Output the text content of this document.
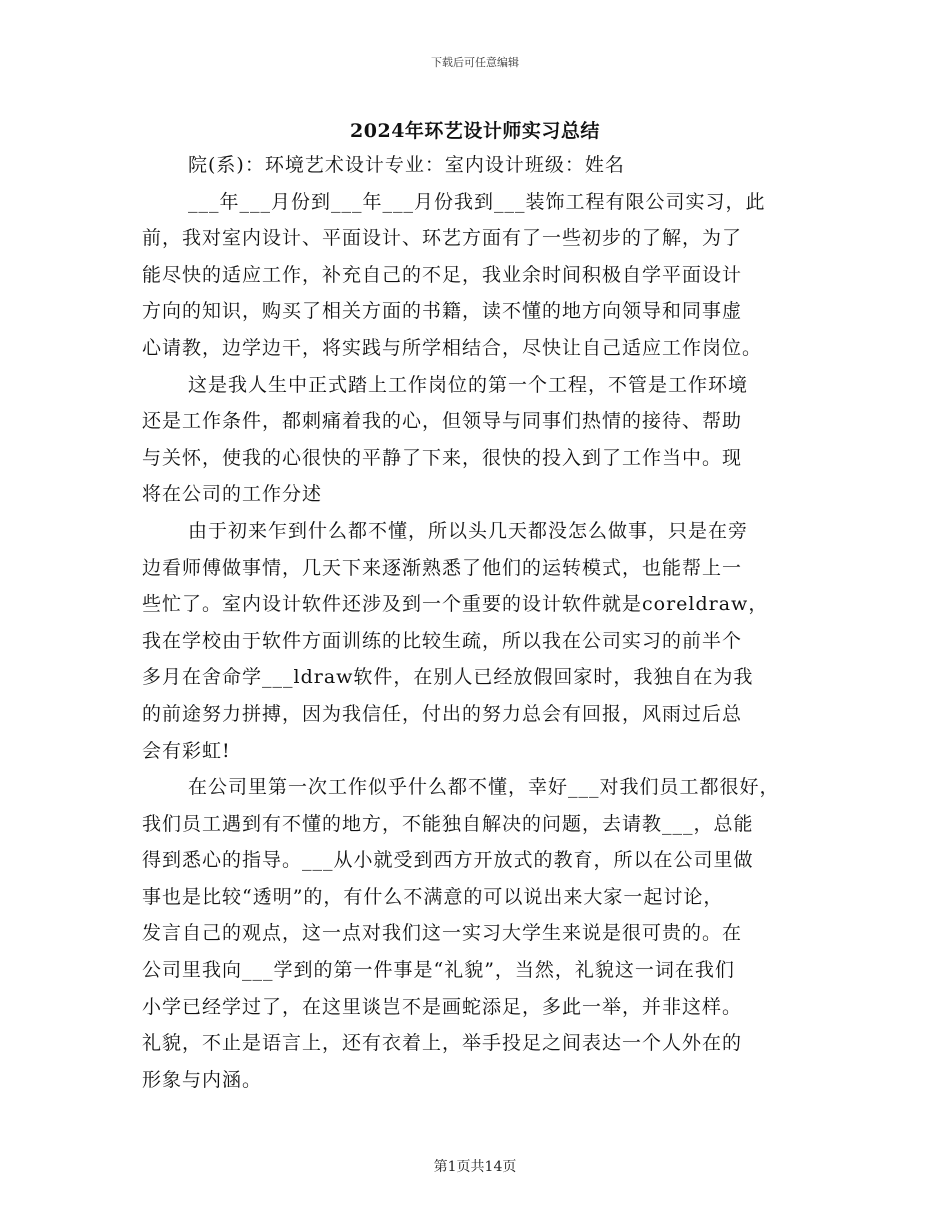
下载后可任意编辑
2024年环艺设计师实习总结

院(系)：环境艺术设计专业：室内设计班级：姓名

___年___月份到___年___月份我到___装饰工程有限公司实习，此

前，我对室内设计、平面设计、环艺方面有了一些初步的了解，为了

能尽快的适应工作，补充自己的不足，我业余时间积极自学平面设计

方向的知识，购买了相关方面的书籍，读不懂的地方向领导和同事虚

心请教，边学边干，将实践与所学相结合，尽快让自己适应工作岗位。

这是我人生中正式踏上工作岗位的第一个工程，不管是工作环境

还是工作条件，都刺痛着我的心，但领导与同事们热情的接待、帮助

与关怀，使我的心很快的平静了下来，很快的投入到了工作当中。现

将在公司的工作分述

由于初来乍到什么都不懂，所以头几天都没怎么做事，只是在旁

边看师傅做事情，几天下来逐渐熟悉了他们的运转模式，也能帮上一

些忙了。室内设计软件还涉及到一个重要的设计软件就是coreldraw，

我在学校由于软件方面训练的比较生疏，所以我在公司实习的前半个

多月在舍命学___ldraw软件，在别人已经放假回家时，我独自在为我

的前途努力拼搏，因为我信任，付出的努力总会有回报，风雨过后总

会有彩虹!

在公司里第一次工作似乎什么都不懂，幸好___对我们员工都很好，

我们员工遇到有不懂的地方，不能独自解决的问题，去请教___，总能

得到悉心的指导。___从小就受到西方开放式的教育，所以在公司里做

事也是比较“透明”的，有什么不满意的可以说出来大家一起讨论，

发言自己的观点，这一点对我们这一实习大学生来说是很可贵的。在

公司里我向___学到的第一件事是“礼貌”，当然，礼貌这一词在我们

小学已经学过了，在这里谈岂不是画蛇添足，多此一举，并非这样。

礼貌，不止是语言上，还有衣着上，举手投足之间表达一个人外在的

形象与内涵。

第1页共14页
